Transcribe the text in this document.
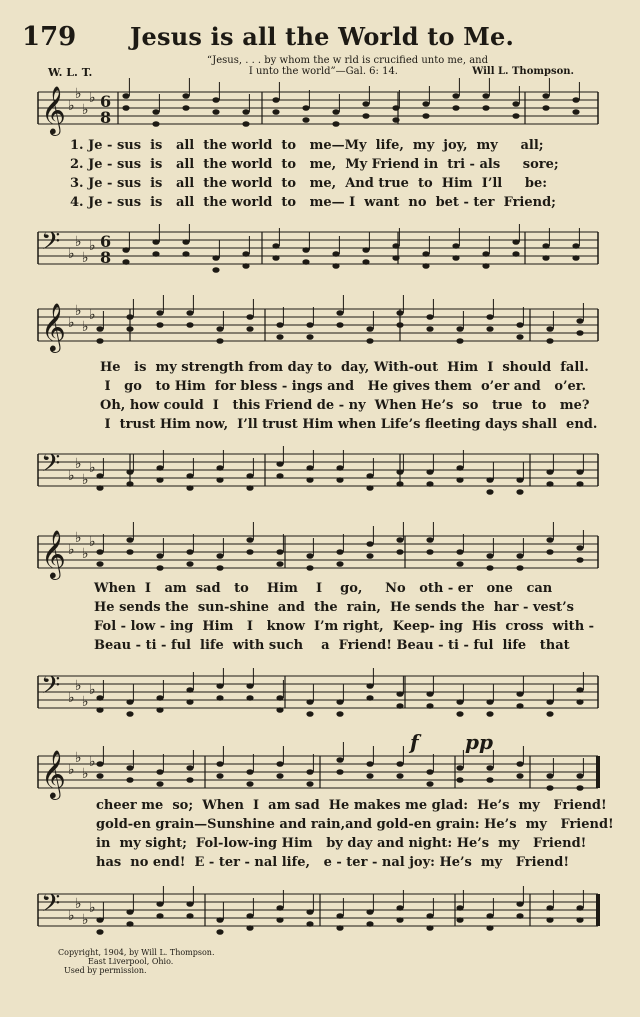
179 Jesus is all the World to Me.
“Jesus, . . . by whom the w rld is crucified unto me, and
I unto the world”—Gal. 6: 14.
W. L. T.	Will L. Thompson.
𝄞 ♭
♭
♭
♭ 6
8
1. Je - sus  is   all  the world  to   me—My  life,  my  joy,  my     all;
2. Je - sus  is   all  the world  to   me,  My Friend in  tri - als     sore;
3. Je - sus  is   all  the world  to   me,  And true  to  Him  I’ll     be:
4. Je - sus  is   all  the world  to   me— I  want  no  bet - ter  Friend;
𝄢 ♭
♭
♭
♭ 6
8
𝄞 ♭
♭
♭
♭
He   is  my strength from day to  day, With-out  Him  I  should  fall.
I   go   to Him  for bless - ings and   He gives them  o’er and   o’er.
Oh, how could  I   this Friend de - ny  When He’s  so   true  to   me?
I  trust Him now,  I’ll trust Him when Life’s fleeting days shall  end.
𝄢 ♭
♭
♭
♭
𝄞 ♭
♭
♭
♭
When  I   am  sad   to    Him    I    go,     No   oth - er   one   can
He sends the  sun-shine  and  the  rain,  He sends the  har - vest’s
Fol - low - ing  Him   I   know  I’m right,  Keep- ing  His  cross  with -
Beau - ti - ful  life  with such    a  Friend! Beau - ti - ful  life   that
𝄢 ♭
♭
♭
♭
f pp
𝄞 ♭
♭
♭
♭
cheer me  so;  When  I  am sad  He makes me glad:  He’s  my   Friend!
gold-en grain—Sunshine and rain,and gold-en grain: He’s  my   Friend!
in  my sight;  Fol-low-ing Him   by day and night: He’s  my   Friend!
has  no end!  E - ter - nal life,   e - ter - nal joy: He’s  my   Friend!
𝄢 ♭
♭
♭
♭
Copyright, 1904, by Will L. Thompson.
East Liverpool, Ohio.
Used by permission.
